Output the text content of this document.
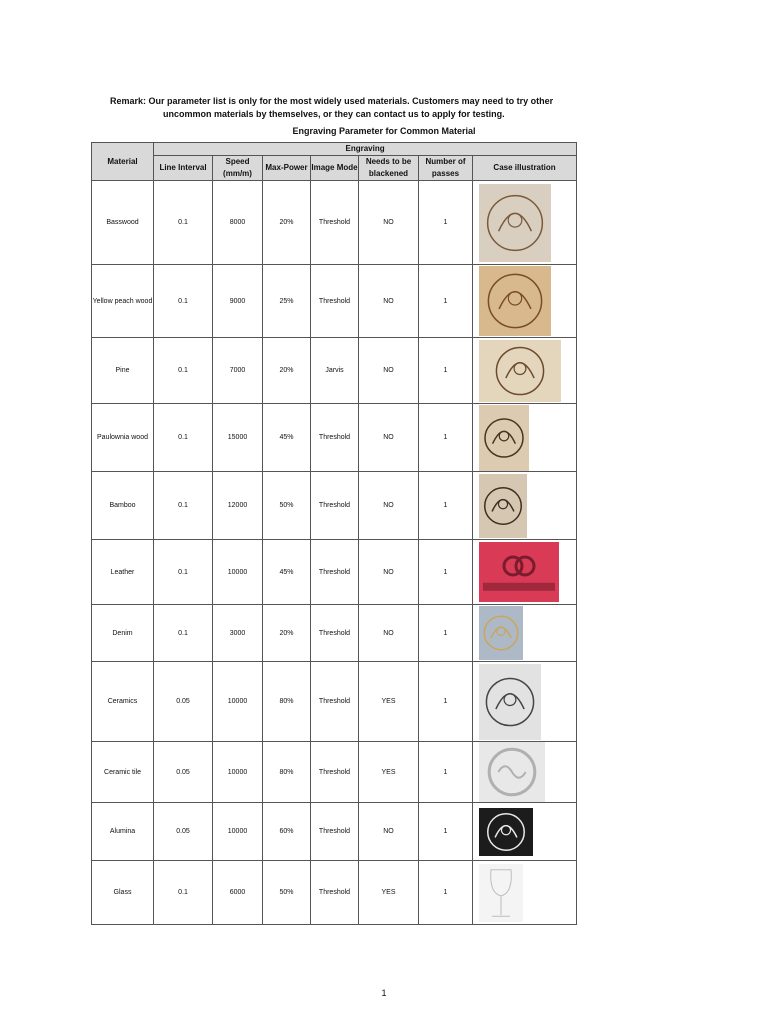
Remark: Our parameter list is only for the most widely used materials. Customers may need to try other
uncommon materials by themselves, or they can contact us to apply for testing.
Engraving Parameter for Common Material
Material	Engraving						
	Line Interval	Speed (mm/m)	Max-Power	Image Mode	Needs to be blackened	Number of passes	Case illustration
Basswood	0.1	8000	20%	Threshold	NO	1	

Yellow peach wood	0.1	9000	25%	Threshold	NO	1	

Pine	0.1	7000	20%	Jarvis	NO	1	

Paulownia wood	0.1	15000	45%	Threshold	NO	1	

Bamboo	0.1	12000	50%	Threshold	NO	1	

Leather	0.1	10000	45%	Threshold	NO	1	

Denim	0.1	3000	20%	Threshold	NO	1	

Ceramics	0.05	10000	80%	Threshold	YES	1	

Ceramic tile	0.05	10000	80%	Threshold	YES	1	

Alumina	0.05	10000	60%	Threshold	NO	1	

Glass	0.1	6000	50%	Threshold	YES	1	
1
